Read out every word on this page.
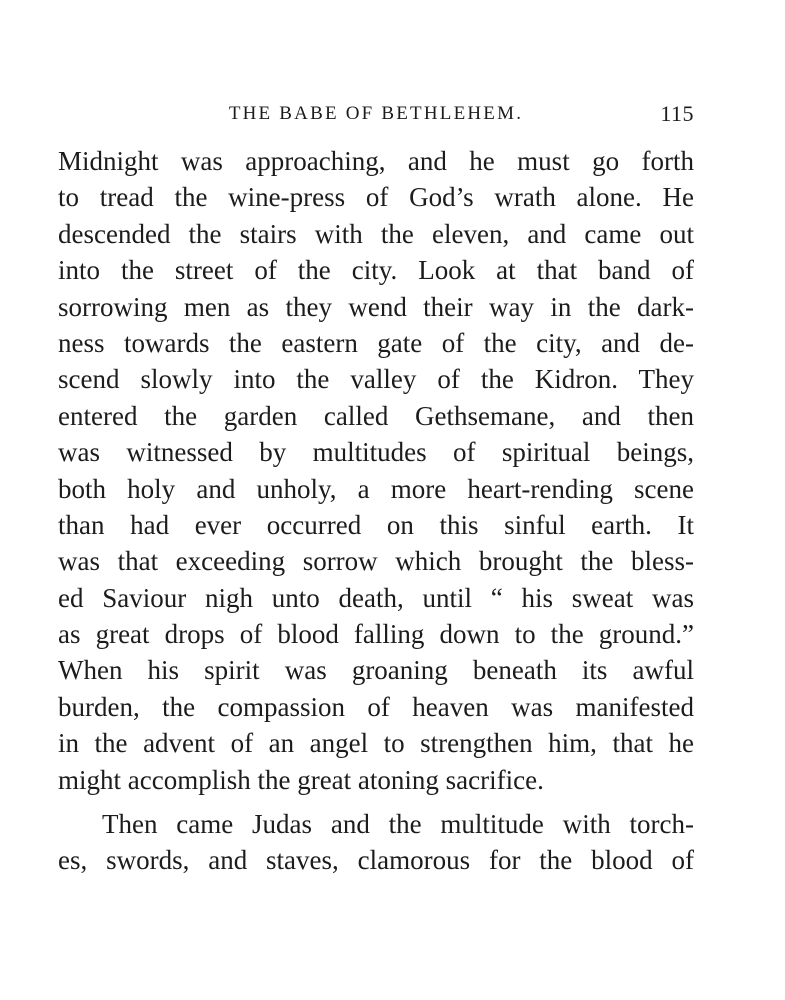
THE BABE OF BETHLEHEM.	115
Midnight was approaching, and he must go forth
to tread the wine-press of God’s wrath alone. He
descended the stairs with the eleven, and came out
into the street of the city. Look at that band of
sorrowing men as they wend their way in the dark-
ness towards the eastern gate of the city, and de-
scend slowly into the valley of the Kidron. They
entered the garden called Gethsemane, and then
was witnessed by multitudes of spiritual beings,
both holy and unholy, a more heart-rending scene
than had ever occurred on this sinful earth. It
was that exceeding sorrow which brought the bless-
ed Saviour nigh unto death, until “ his sweat was
as great drops of blood falling down to the ground.”
When his spirit was groaning beneath its awful
burden, the compassion of heaven was manifested
in the advent of an angel to strengthen him, that he
might accomplish the great atoning sacrifice.
Then came Judas and the multitude with torch-
es, swords, and staves, clamorous for the blood of
